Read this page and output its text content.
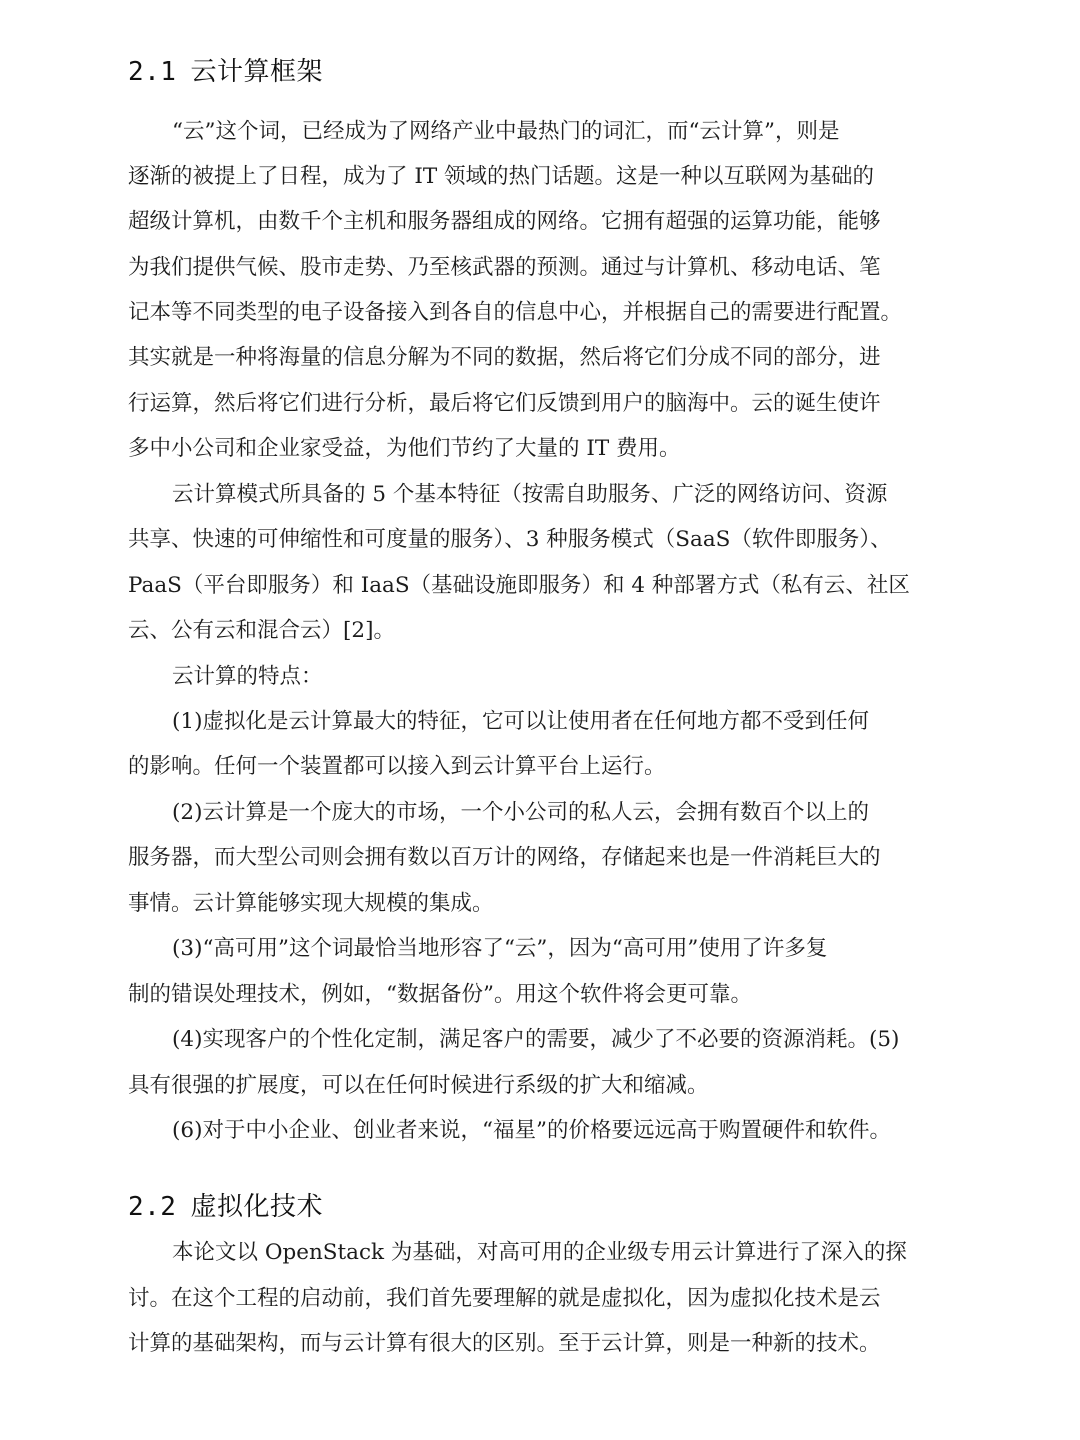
2.1 云计算框架
“云”这个词，已经成为了网络产业中最热门的词汇，而“云计算”，则是
逐渐的被提上了日程，成为了 IT 领域的热门话题。这是一种以互联网为基础的
超级计算机，由数千个主机和服务器组成的网络。它拥有超强的运算功能，能够
为我们提供气候、股市走势、乃至核武器的预测。通过与计算机、移动电话、笔
记本等不同类型的电子设备接入到各自的信息中心，并根据自己的需要进行配置。
其实就是一种将海量的信息分解为不同的数据，然后将它们分成不同的部分，进
行运算，然后将它们进行分析，最后将它们反馈到用户的脑海中。云的诞生使许
多中小公司和企业家受益，为他们节约了大量的 IT 费用。
云计算模式所具备的 5 个基本特征（按需自助服务、广泛的网络访问、资源
共享、快速的可伸缩性和可度量的服务）、3 种服务模式（SaaS（软件即服务）、
PaaS（平台即服务）和 IaaS（基础设施即服务）和 4 种部署方式（私有云、社区
云、公有云和混合云）[2]。
云计算的特点：
(1)虚拟化是云计算最大的特征，它可以让使用者在任何地方都不受到任何
的影响。任何一个装置都可以接入到云计算平台上运行。
(2)云计算是一个庞大的市场，一个小公司的私人云，会拥有数百个以上的
服务器，而大型公司则会拥有数以百万计的网络，存储起来也是一件消耗巨大的
事情。云计算能够实现大规模的集成。
(3)“高可用”这个词最恰当地形容了“云”，因为“高可用”使用了许多复
制的错误处理技术，例如，“数据备份”。用这个软件将会更可靠。
(4)实现客户的个性化定制，满足客户的需要，减少了不必要的资源消耗。(5)
具有很强的扩展度，可以在任何时候进行系级的扩大和缩减。
(6)对于中小企业、创业者来说，“福星”的价格要远远高于购置硬件和软件。
2.2 虚拟化技术
本论文以 OpenStack 为基础，对高可用的企业级专用云计算进行了深入的探
讨。在这个工程的启动前，我们首先要理解的就是虚拟化，因为虚拟化技术是云
计算的基础架构，而与云计算有很大的区别。至于云计算，则是一种新的技术。
